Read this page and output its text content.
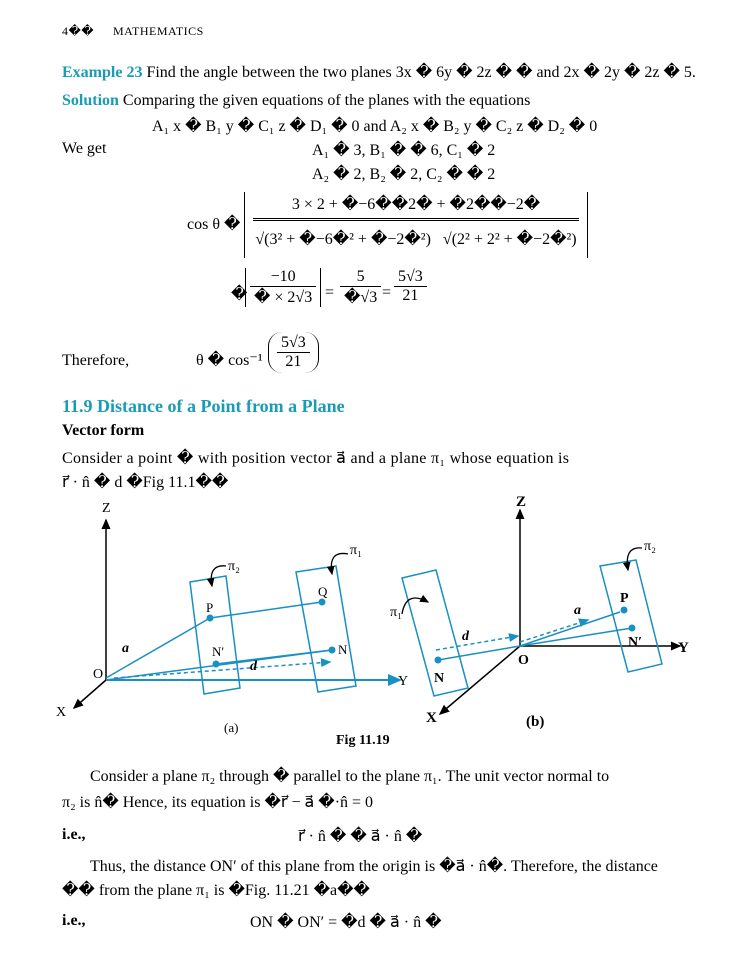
4�� MATHEMATICS
Example 23 Find the angle between the two planes 3x � 6y � 2z � � and 2x � 2y � 2z � 5.
Solution Comparing the given equations of the planes with the equations
A₁ x � B₁ y � C₁ z � D₁ � 0 and A₂ x � B₂ y � C₂ z � D₂ � 0
We get	A₁ � 3, B₁ � � 6, C₁ � 2
A₂ � 2, B₂ � 2, C₂ � � 2
cos θ � $\frac{3 \times 2 + �-6��2� + �2��-2�}{\text{√(3² + �−6�² + �−2�²) √(2² + 2² + �−2�²)}}$
� $\frac{-10}{� \times 2√3} = \frac{5}{�√3} = \frac{5√3}{21}$
Therefore,	θ � $\cos^{-1} \frac{5√3}{21}$
11.9 Distance of a Point from a Plane
Vector form
Consider a point � with position vector a⃗ and a plane π₁ whose equation is
r⃗ · n̂ � d �Fig 11.1��
Z
X
Y
O
P
Q
N
N′
d
a⃗
π₁
π₂
(a)
Z
X
Y
O
N
P
N′
d
a⃗
π₁
π₂
(b)
Fig 11.19
Consider a plane π₂ through � parallel to the plane π₁. The unit vector normal to
π₂ is n̂� Hence, its equation is �r⃗ − a⃗ �·n̂ = 0
i.e.,	r⃗ · n̂ � � a⃗ · n̂ �
Thus, the distance ON′ of this plane from the origin is �a⃗ · n̂�. Therefore, the distance
�� from the plane π₁ is �Fig. 11.21 �a��
i.e.,	ON � ON′ = �d � a⃗ · n̂ �
